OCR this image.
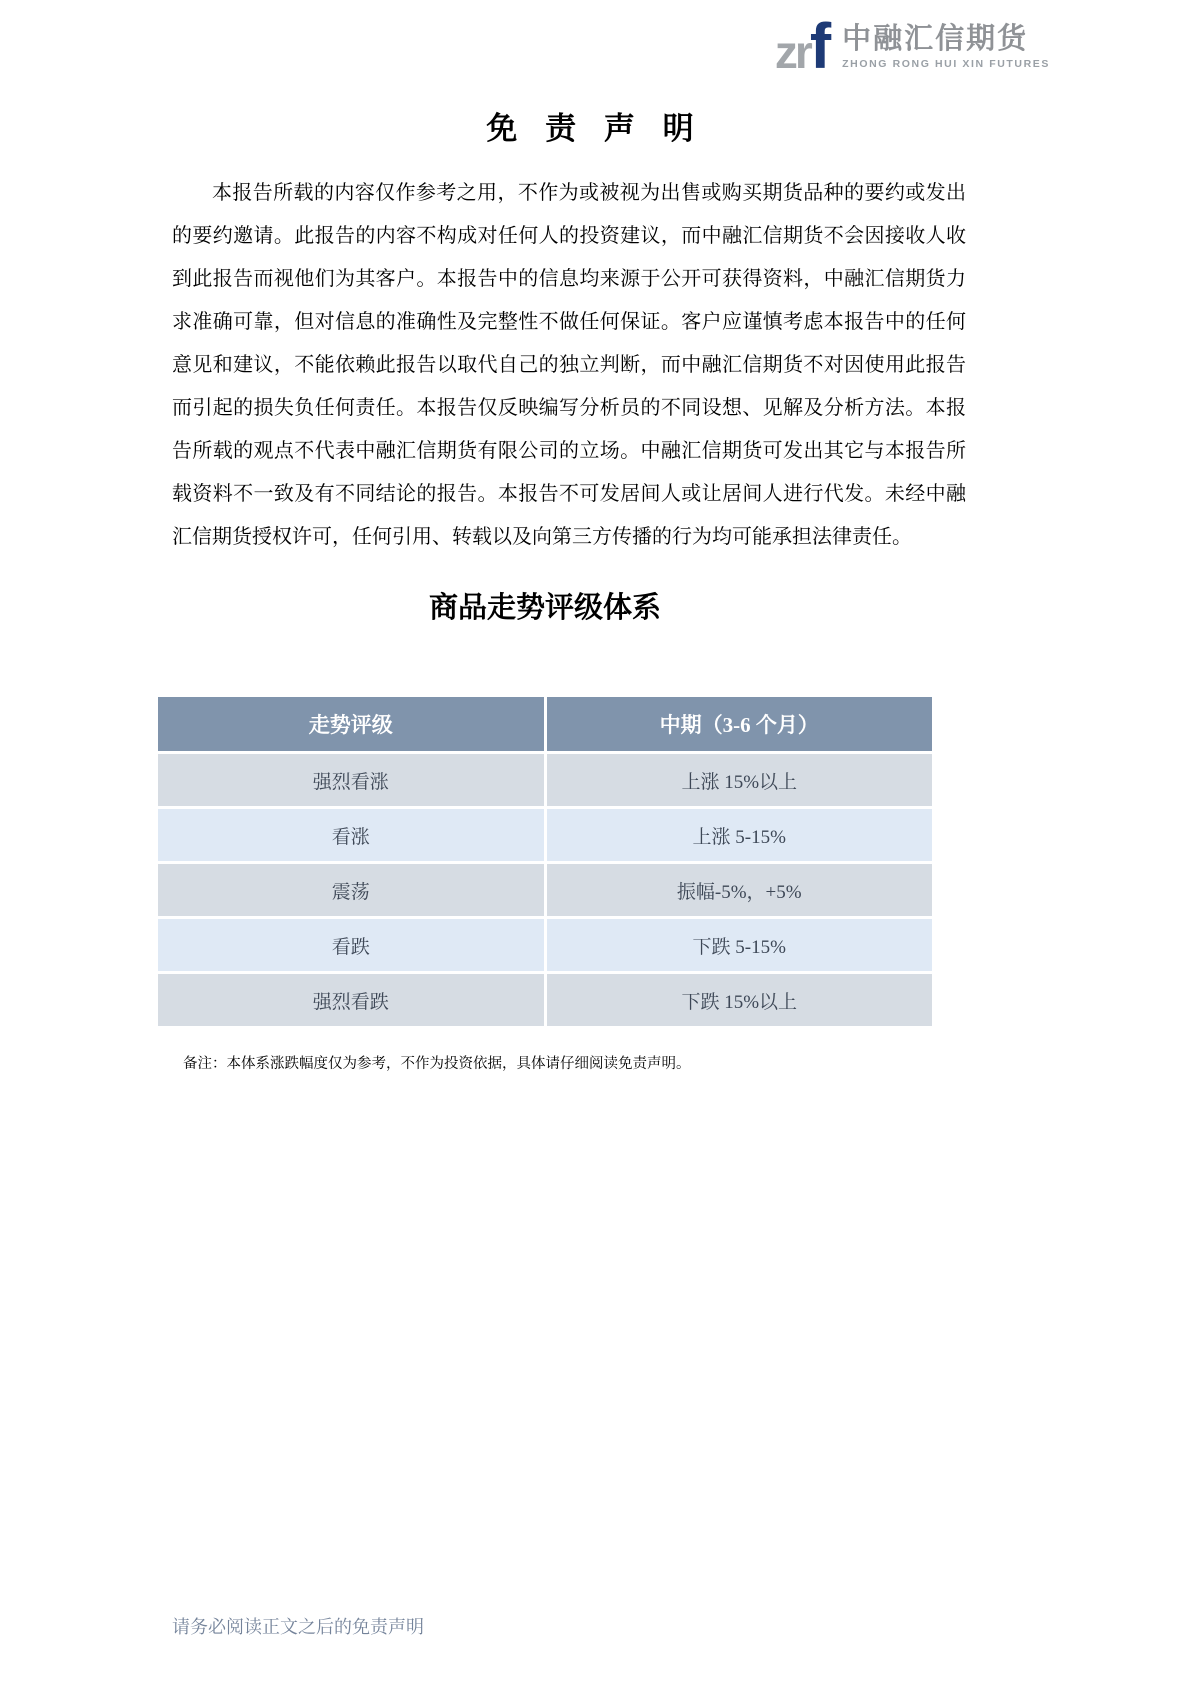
zrf 中融汇信期货
ZHONG RONG HUI XIN FUTURES
免 责 声 明

本报告所载的内容仅作参考之用，不作为或被视为出售或购买期货品种的要约或发出的要约邀请。此报告的内容不构成对任何人的投资建议，而中融汇信期货不会因接收人收到此报告而视他们为其客户。本报告中的信息均来源于公开可获得资料，中融汇信期货力求准确可靠，但对信息的准确性及完整性不做任何保证。客户应谨慎考虑本报告中的任何意见和建议，不能依赖此报告以取代自己的独立判断，而中融汇信期货不对因使用此报告而引起的损失负任何责任。本报告仅反映编写分析员的不同设想、见解及分析方法。本报告所载的观点不代表中融汇信期货有限公司的立场。中融汇信期货可发出其它与本报告所载资料不一致及有不同结论的报告。本报告不可发居间人或让居间人进行代发。未经中融汇信期货授权许可，任何引用、转载以及向第三方传播的行为均可能承担法律责任。

商品走势评级体系
走势评级	中期（3-6 个月）
强烈看涨	上涨 15%以上
看涨	上涨 5-15%
震荡	振幅-5%，+5%
看跌	下跌 5-15%
强烈看跌	下跌 15%以上

备注：本体系涨跌幅度仅为参考，不作为投资依据，具体请仔细阅读免责声明。

请务必阅读正文之后的免责声明
